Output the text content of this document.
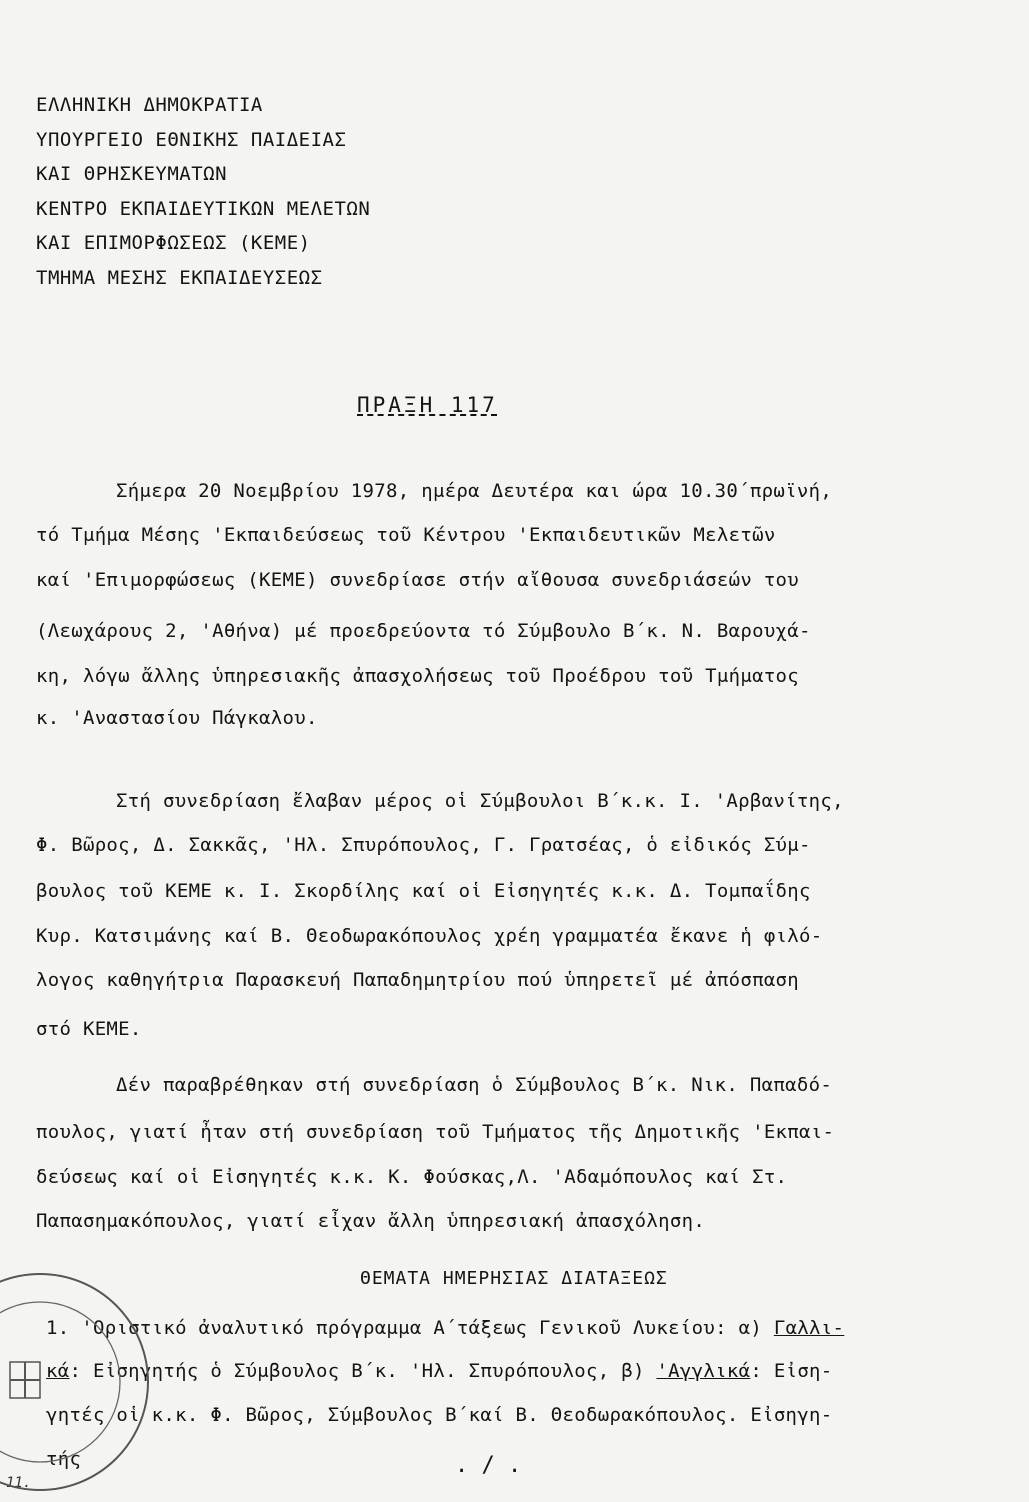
ΕΛΛΗΝΙΚΗ ΔΗΜΟΚΡΑΤΙΑ
ΥΠΟΥΡΓΕΙΟ ΕΘΝΙΚΗΣ ΠΑΙΔΕΙΑΣ
ΚΑΙ ΘΡΗΣΚΕΥΜΑΤΩΝ
ΚΕΝΤΡΟ ΕΚΠΑΙΔΕΥΤΙΚΩΝ ΜΕΛΕΤΩΝ
ΚΑΙ ΕΠΙΜΟΡΦΩΣΕΩΣ (ΚΕΜΕ)
ΤΜΗΜΑ ΜΕΣΗΣ ΕΚΠΑΙΔΕΥΣΕΩΣ
ΠΡΑΞΗ 117
Σήμερα 20 Νοεμβρίου 1978, ημέρα Δευτέρα και ώρα 10.30΄πρωϊνή,
τό Τμήμα Μέσης 'Εκπαιδεύσεως τοῦ Κέντρου 'Εκπαιδευτικῶν Μελετῶν
καί 'Επιμορφώσεως (ΚΕΜΕ) συνεδρίασε στήν αἴθουσα συνεδριάσεών του
(Λεωχάρους 2, 'Αθήνα) μέ προεδρεύοντα τό Σύμβουλο Β΄κ. Ν. Βαρουχά-
κη, λόγω ἄλλης ὑπηρεσιακῆς ἀπασχολήσεως τοῦ Προέδρου τοῦ Τμήματος
κ. 'Αναστασίου Πάγκαλου.
Στή συνεδρίαση ἔλαβαν μέρος οἱ Σύμβουλοι Β΄κ.κ. Ι. 'Αρβανίτης,
Φ. Βῶρος, Δ. Σακκᾶς, 'Ηλ. Σπυρόπουλος, Γ. Γρατσέας, ὁ εἰδικός Σύμ-
βουλος τοῦ ΚΕΜΕ κ. Ι. Σκορδίλης καί οἱ Εἰσηγητές κ.κ. Δ. Τομπαΐδης
Κυρ. Κατσιμάνης καί Β. Θεοδωρακόπουλος χρέη γραμματέα ἔκανε ἡ φιλό-
λογος καθηγήτρια Παρασκευή Παπαδημητρίου πού ὑπηρετεῖ μέ ἀπόσπαση
στό ΚΕΜΕ.
Δέν παραβρέθηκαν στή συνεδρίαση ὁ Σύμβουλος Β΄κ. Νικ. Παπαδό-
πουλος, γιατί ἦταν στή συνεδρίαση τοῦ Τμήματος τῆς Δημοτικῆς 'Εκπαι-
δεύσεως καί οἱ Εἰσηγητές κ.κ. Κ. Φούσκας,Λ. 'Αδαμόπουλος καί Στ.
Παπασημακόπουλος, γιατί εἶχαν ἄλλη ὑπηρεσιακή ἀπασχόληση.
1. 'Οριστικό ἀναλυτικό πρόγραμμα Α΄τάξεως Γενικοῦ Λυκείου: α) Γαλλι-
κά: Εἰσηγητής ὁ Σύμβουλος Β΄κ. 'Ηλ. Σπυρόπουλος, β) 'Αγγλικά: Εἰση-
γητές οἱ κ.κ. Φ. Βῶρος, Σύμβουλος Β΄καί Β. Θεοδωρακόπουλος. Εἰσηγη-
τής
ΘΕΜΑΤΑ ΗΜΕΡΗΣΙΑΣ ΔΙΑΤΑΞΕΩΣ
. / .
11.
